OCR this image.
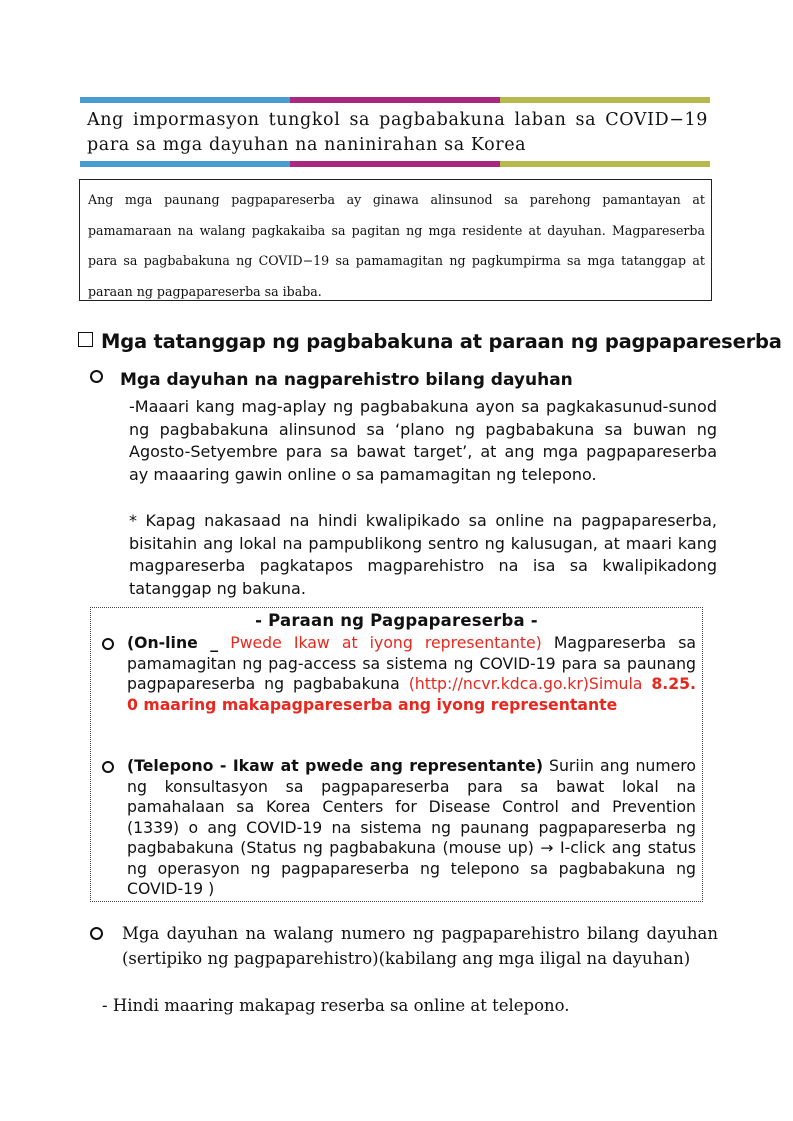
Ang impormasyon tungkol sa pagbabakuna laban sa COVID−19
para sa mga dayuhan na naninirahan sa Korea

Ang mga paunang pagpapareserba ay ginawa alinsunod sa parehong pamantayan at pamamaraan na walang pagkakaiba sa pagitan ng mga residente at dayuhan. Magpareserba para sa pagbabakuna ng COVID−19 sa pamamagitan ng pagkumpirma sa mga tatanggap at paraan ng pagpapareserba sa ibaba.

Mga tatanggap ng pagbabakuna at paraan ng pagpapareserba
Mga dayuhan na nagparehistro bilang dayuhan

-Maaari kang mag-aplay ng pagbabakuna ayon sa pagkakasunud-sunod ng pagbabakuna alinsunod sa ‘plano ng pagbabakuna sa buwan ng Agosto-Setyembre para sa bawat target’, at ang mga pagpapareserba ay maaaring gawin online o sa pamamagitan ng telepono.

* Kapag nakasaad na hindi kwalipikado sa online na pagpapareserba, bisitahin ang lokal na pampublikong sentro ng kalusugan, at maari kang magpareserba pagkatapos magparehistro na isa sa kwalipikadong tatanggap ng bakuna.

- Paraan ng Pagpapareserba -

(On-line _ Pwede Ikaw at iyong representante) Magpareserba sa pamamagitan ng pag-access sa sistema ng COVID-19 para sa paunang pagpapareserba ng pagbabakuna (http://ncvr.kdca.go.kr)Simula 8.25. 0 maaring makapagpareserba ang iyong representante

(Telepono - Ikaw at pwede ang representante) Suriin ang numero ng konsultasyon sa pagpapareserba para sa bawat lokal na pamahalaan sa Korea Centers for Disease Control and Prevention (1339) o ang COVID-19 na sistema ng paunang pagpapareserba ng pagbabakuna (Status ng pagbabakuna (mouse up) → I-click ang status ng operasyon ng pagpapareserba ng telepono sa pagbabakuna ng COVID-19 )

Mga dayuhan na walang numero ng pagpaparehistro bilang dayuhan (sertipiko ng pagpaparehistro)(kabilang ang mga iligal na dayuhan)

- Hindi maaring makapag reserba sa online at telepono.
